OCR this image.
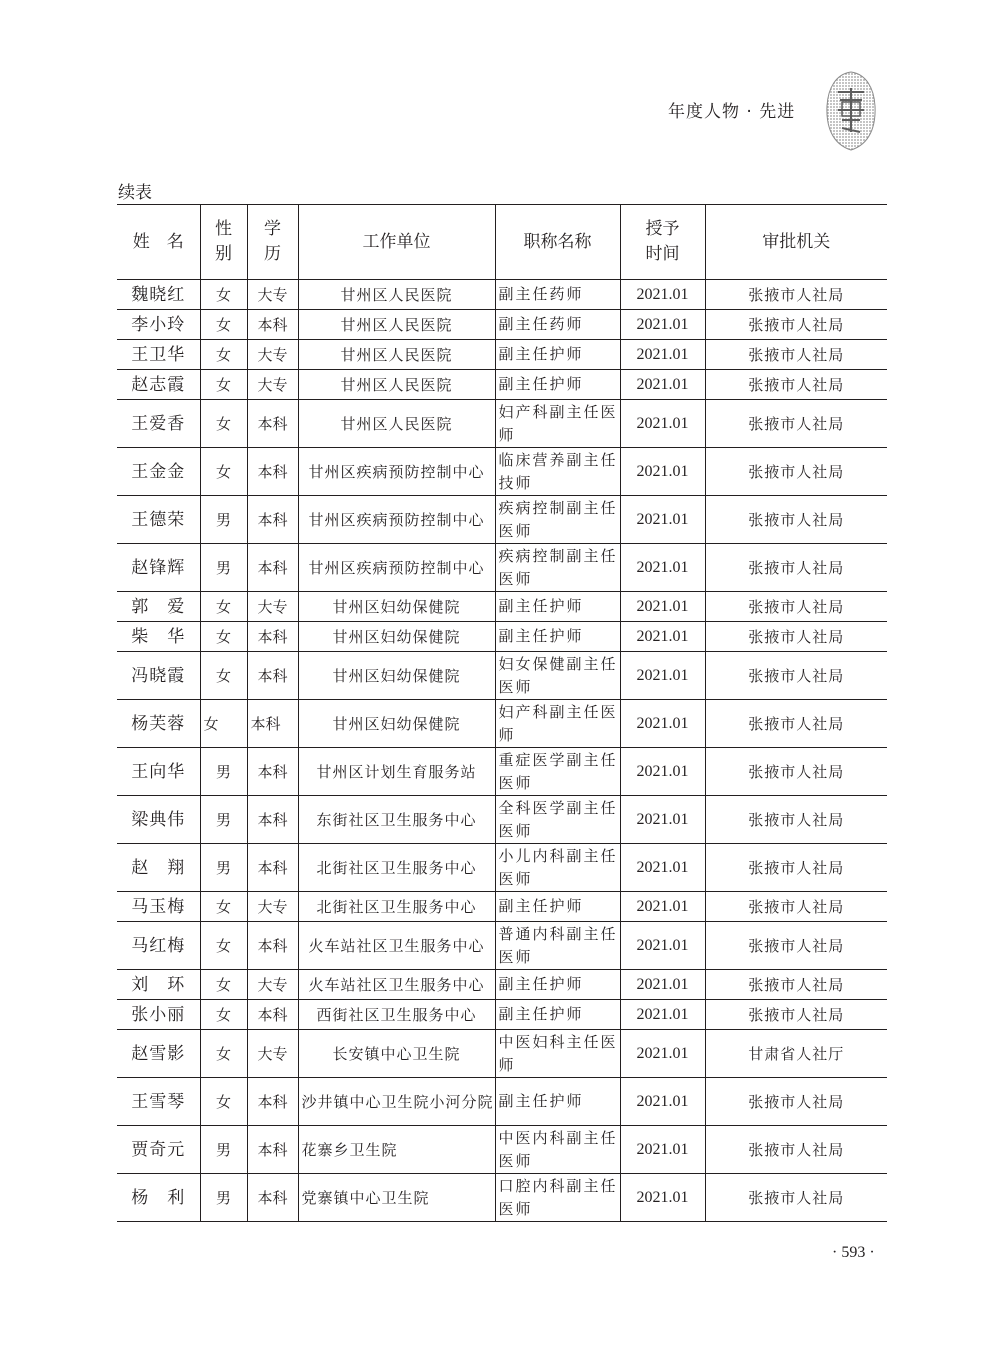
年度人物 · 先进
续表
姓　名	性别	学历	工作单位	职称名称	授予时间	审批机关
魏晓红	女	大专	甘州区人民医院	副主任药师	2021.01	张掖市人社局
李小玲	女	本科	甘州区人民医院	副主任药师	2021.01	张掖市人社局
王卫华	女	大专	甘州区人民医院	副主任护师	2021.01	张掖市人社局
赵志霞	女	大专	甘州区人民医院	副主任护师	2021.01	张掖市人社局
王爱香	女	本科	甘州区人民医院	妇产科副主任医师	2021.01	张掖市人社局
王金金	女	本科	甘州区疾病预防控制中心	临床营养副主任技师	2021.01	张掖市人社局
王德荣	男	本科	甘州区疾病预防控制中心	疾病控制副主任医师	2021.01	张掖市人社局
赵锋辉	男	本科	甘州区疾病预防控制中心	疾病控制副主任医师	2021.01	张掖市人社局
郭　爱	女	大专	甘州区妇幼保健院	副主任护师	2021.01	张掖市人社局
柴　华	女	本科	甘州区妇幼保健院	副主任护师	2021.01	张掖市人社局
冯晓霞	女	本科	甘州区妇幼保健院	妇女保健副主任医师	2021.01	张掖市人社局
杨芙蓉	女	本科	甘州区妇幼保健院	妇产科副主任医师	2021.01	张掖市人社局
王向华	男	本科	甘州区计划生育服务站	重症医学副主任医师	2021.01	张掖市人社局
梁典伟	男	本科	东街社区卫生服务中心	全科医学副主任医师	2021.01	张掖市人社局
赵　翔	男	本科	北街社区卫生服务中心	小儿内科副主任医师	2021.01	张掖市人社局
马玉梅	女	大专	北街社区卫生服务中心	副主任护师	2021.01	张掖市人社局
马红梅	女	本科	火车站社区卫生服务中心	普通内科副主任医师	2021.01	张掖市人社局
刘　环	女	大专	火车站社区卫生服务中心	副主任护师	2021.01	张掖市人社局
张小丽	女	本科	西街社区卫生服务中心	副主任护师	2021.01	张掖市人社局
赵雪影	女	大专	长安镇中心卫生院	中医妇科主任医师	2021.01	甘肃省人社厅
王雪琴	女	本科	沙井镇中心卫生院小河分院	副主任护师	2021.01	张掖市人社局
贾奇元	男	本科	花寨乡卫生院	中医内科副主任医师	2021.01	张掖市人社局
杨　利	男	本科	党寨镇中心卫生院	口腔内科副主任医师	2021.01	张掖市人社局
· 593 ·
